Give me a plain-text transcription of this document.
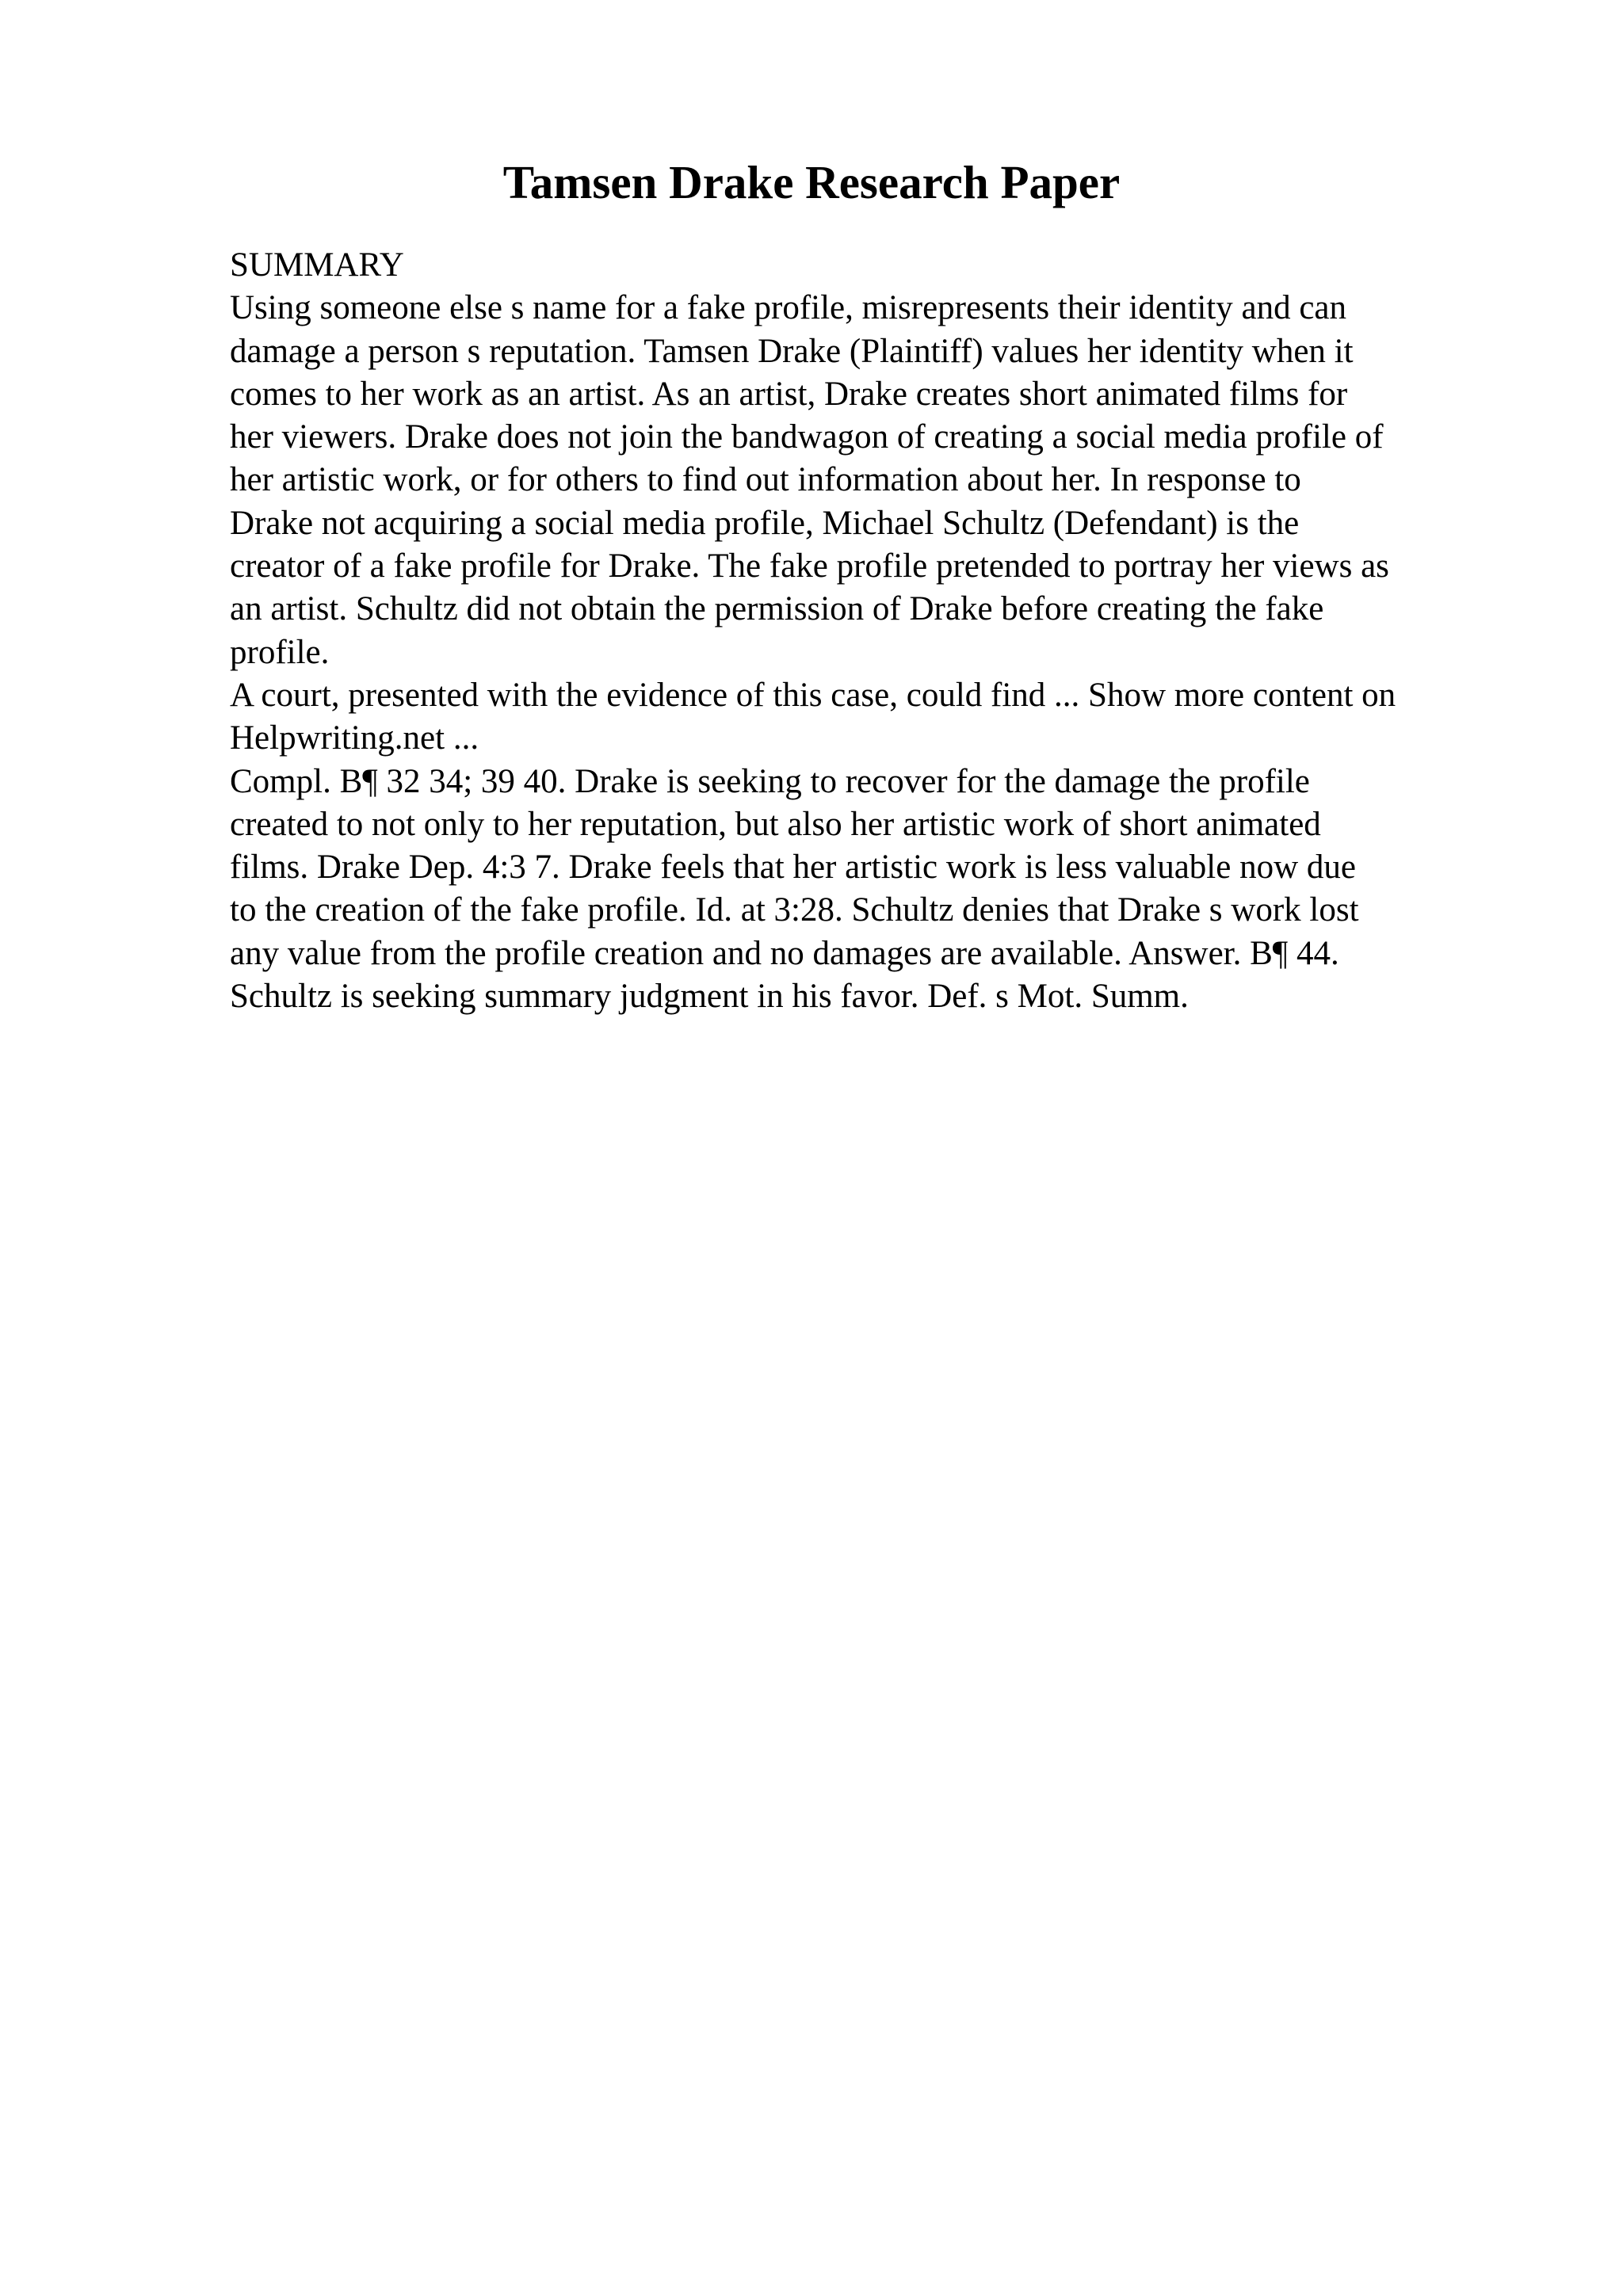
Tamsen Drake Research Paper
SUMMARY
Using someone else s name for a fake profile, misrepresents their identity and can
damage a person s reputation. Tamsen Drake (Plaintiff) values her identity when it
comes to her work as an artist. As an artist, Drake creates short animated films for
her viewers. Drake does not join the bandwagon of creating a social media profile of
her artistic work, or for others to find out information about her. In response to
Drake not acquiring a social media profile, Michael Schultz (Defendant) is the
creator of a fake profile for Drake. The fake profile pretended to portray her views as
an artist. Schultz did not obtain the permission of Drake before creating the fake
profile.
A court, presented with the evidence of this case, could find ... Show more content on
Helpwriting.net ...
Compl. B¶ 32 34; 39 40. Drake is seeking to recover for the damage the profile
created to not only to her reputation, but also her artistic work of short animated
films. Drake Dep. 4:3 7. Drake feels that her artistic work is less valuable now due
to the creation of the fake profile. Id. at 3:28. Schultz denies that Drake s work lost
any value from the profile creation and no damages are available. Answer. B¶ 44.
Schultz is seeking summary judgment in his favor. Def. s Mot. Summ.
